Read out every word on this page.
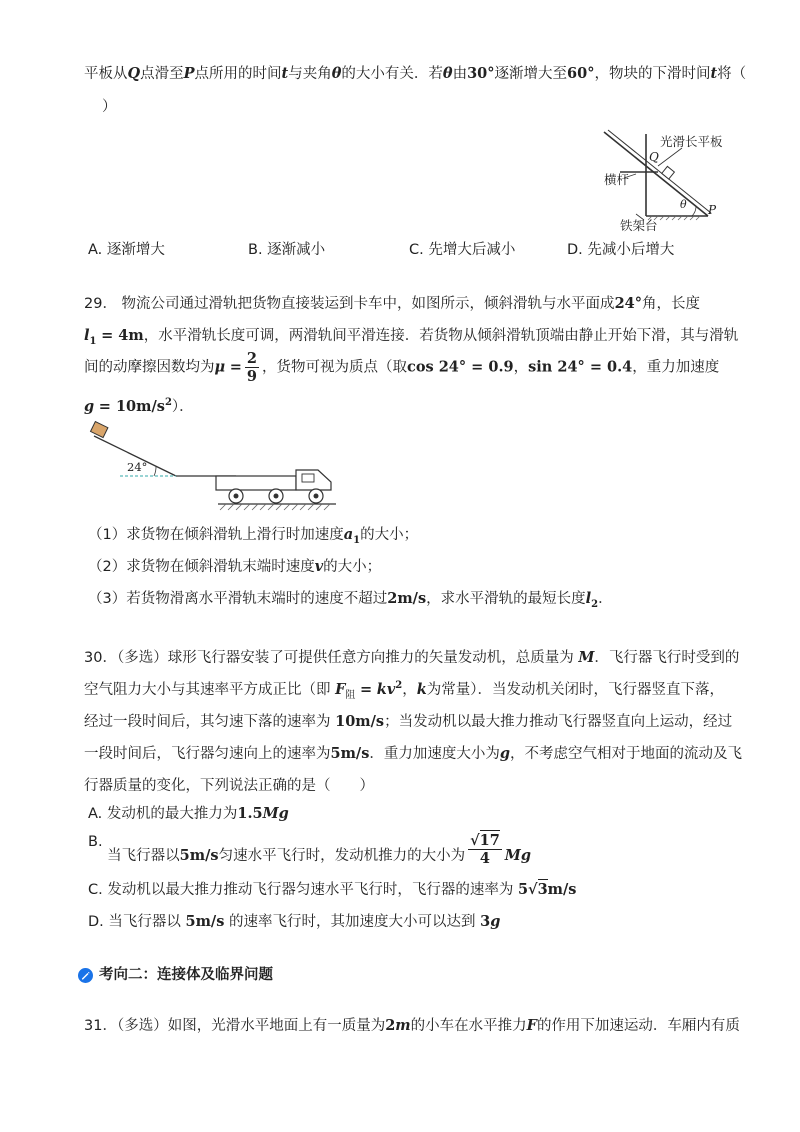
平板从Q点滑至P点所用的时间t与夹角θ的大小有关．若θ由30°逐渐增大至60°，物块的下滑时间t将（
）
光滑长平板
Q
横杆
θ P
铁架台
A. 逐渐增大	B. 逐渐减小	C. 先增大后减小	D. 先减小后增大
29． 物流公司通过滑轨把货物直接装运到卡车中，如图所示，倾斜滑轨与水平面成24°角，长度
$l_1 = 4m$，水平滑轨长度可调，两滑轨间平滑连接．若货物从倾斜滑轨顶端由静止开始下滑，其与滑轨
间的动摩擦因数均为$\mu = \frac{2}{9}$ ，货物可视为质点（取cos 24° = 0.9，sin 24° = 0.4，重力加速度
$g = 10m/s^2$）．
24°
（1）求货物在倾斜滑轨上滑行时加速度$a_1$的大小；
（2）求货物在倾斜滑轨末端时速度v的大小；
（3）若货物滑离水平滑轨末端时的速度不超过2m/s，求水平滑轨的最短长度$l_2$．
30．（多选）球形飞行器安装了可提供任意方向推力的矢量发动机，总质量为 M．飞行器飞行时受到的
空气阻力大小与其速率平方成正比（即 $F_阻 = kv^2$，k为常量）．当发动机关闭时，飞行器竖直下落，
经过一段时间后，其匀速下落的速率为 10m/s；当发动机以最大推力推动飞行器竖直向上运动，经过
一段时间后，飞行器匀速向上的速率为5m/s．重力加速度大小为g，不考虑空气相对于地面的流动及飞
行器质量的变化，下列说法正确的是（　　）
A. 发动机的最大推力为1.5Mg
B. 当飞行器以5m/s匀速水平飞行时，发动机推力的大小为 $\frac{√17}{4}$ Mg
C. 发动机以最大推力推动飞行器匀速水平飞行时，飞行器的速率为 5√3m/s
D. 当飞行器以 5m/s 的速率飞行时，其加速度大小可以达到 3g
考向二：连接体及临界问题
31．（多选）如图，光滑水平地面上有一质量为2m的小车在水平推力F的作用下加速运动．车厢内有质
